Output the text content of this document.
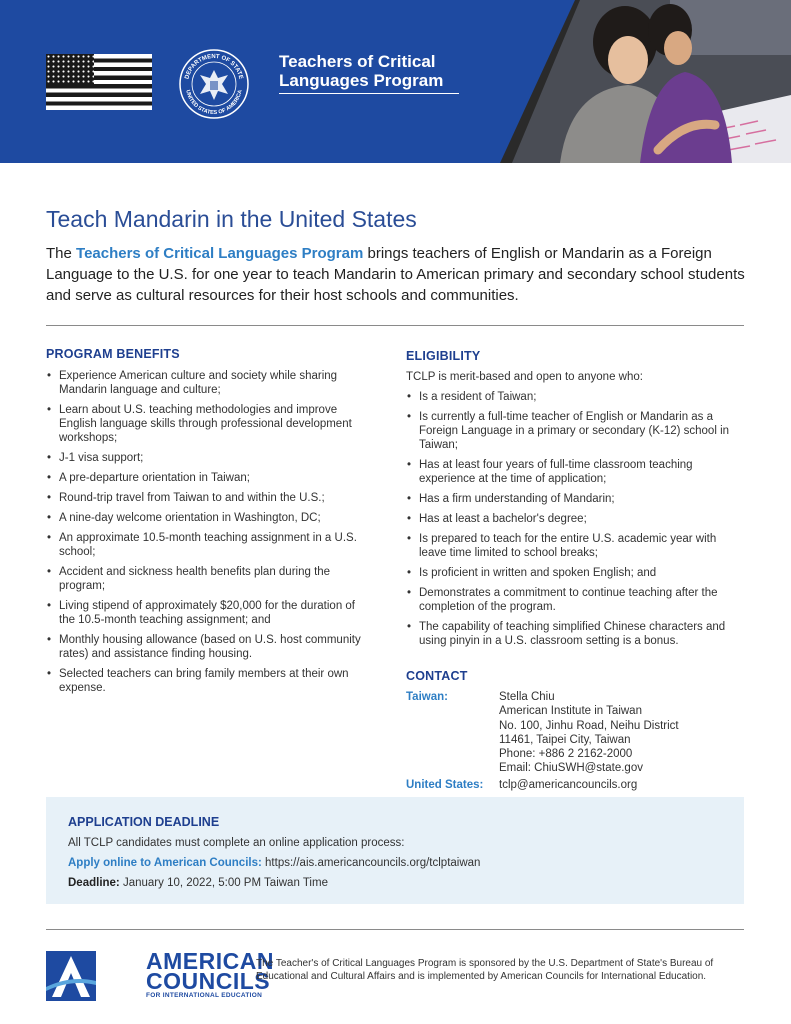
DEPARTMENT OF STATE
UNITED STATES OF AMERICA
Teachers of Critical
Languages Program
Teach Mandarin in the United States

The Teachers of Critical Languages Program brings teachers of English or Mandarin as a Foreign Language to the U.S. for one year to teach Mandarin to American primary and secondary school students and serve as cultural resources for their host schools and communities.

PROGRAM BENEFITS
• Experience American culture and society while sharing Mandarin language and culture;
• Learn about U.S. teaching methodologies and improve English language skills through professional development workshops;
• J-1 visa support;
• A pre-departure orientation in Taiwan;
• Round-trip travel from Taiwan to and within the U.S.;
• A nine-day welcome orientation in Washington, DC;
• An approximate 10.5-month teaching assignment in a U.S. school;
• Accident and sickness health benefits plan during the program;
• Living stipend of approximately $20,000 for the duration of the 10.5-month teaching assignment; and
• Monthly housing allowance (based on U.S. host community rates) and assistance finding housing.
• Selected teachers can bring family members at their own expense.
ELIGIBILITY

TCLP is merit-based and open to anyone who:

• Is a resident of Taiwan;
• Is currently a full-time teacher of English or Mandarin as a Foreign Language in a primary or secondary (K-12) school in Taiwan;
• Has at least four years of full-time classroom teaching experience at the time of application;
• Has a firm understanding of Mandarin;
• Has at least a bachelor's degree;
• Is prepared to teach for the entire U.S. academic year with leave time limited to school breaks;
• Is proficient in written and spoken English; and
• Demonstrates a commitment to continue teaching after the completion of the program.
• The capability of teaching simplified Chinese characters and using pinyin in a U.S. classroom setting is a bonus.
CONTACT
Taiwan:	Stella Chiu
American Institute in Taiwan
No. 100, Jinhu Road, Neihu District
11461, Taipei City, Taiwan
Phone: +886 2 2162-2000
Email: ChiuSWH@state.gov
United States:	tclp@americancouncils.org
APPLICATION DEADLINE

All TCLP candidates must complete an online application process:

Apply online to American Councils: https://ais.americancouncils.org/tclptaiwan

Deadline: January 10, 2022, 5:00 PM Taiwan Time

AMERICAN
COUNCILS
FOR INTERNATIONAL EDUCATION

The Teacher's of Critical Languages Program is sponsored by the U.S. Department of State's Bureau of Educational and Cultural Affairs and is implemented by American Councils for International Education.
